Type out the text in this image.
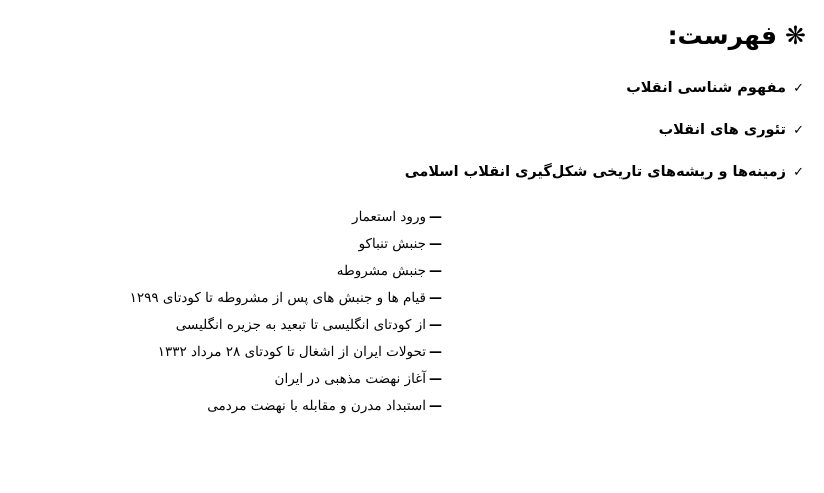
❋فهرست:
✓مفهوم شناسی انقلاب
✓تئوری های انقلاب
✓زمینه‌ها و ریشه‌های تاریخی شکل‌گیری انقلاب اسلامی
—ورود استعمار
—جنبش تنباکو
—جنبش مشروطه
—قیام ها و جنبش های پس از مشروطه تا کودتای ۱۲۹۹
—از کودتای انگلیسی تا تبعید به جزیره انگلیسی
—تحولات ایران از اشغال تا کودتای ۲۸ مرداد ۱۳۳۲
—آغاز نهضت مذهبی در ایران
—استبداد مدرن و مقابله با نهضت مردمی
